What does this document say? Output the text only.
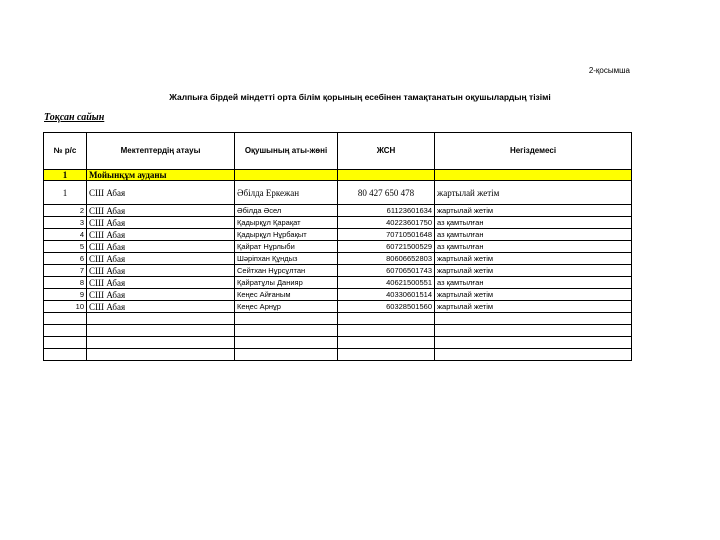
2-қосымша
Жалпыға бірдей міндетті орта білім қорының есебінен тамақтанатын оқушылардың тізімі
Тоқсан сайын
№ р/с	Мектептердің атауы	Оқушының аты-жөні	ЖСН	Негіздемесі
1	Мойынқұм ауданы			
1	СШ Абая	Әбілда Еркежан	80 427 650 478	жартылай жетім
2	СШ Абая	Әбілда Әсел	61123601634	жартылай жетім
3	СШ Абая	Қадырқұл Қарақат	40223601750	аз қамтылған
4	СШ Абая	Қадырқұл Нұрбақыт	70710501648	аз қамтылған
5	СШ Абая	Қайрат Нұрлыби	60721500529	аз қамтылған
6	СШ Абая	Шәріпхан Құндыз	80606652803	жартылай жетім
7	СШ Абая	Сейтхан Нұрсұлтан	60706501743	жартылай жетім
8	СШ Абая	Қайратұлы Данияр	40621500551	аз қамтылған
9	СШ Абая	Кеңес Айғаным	40330601514	жартылай жетім
10	СШ Абая	Кеңес Арнұр	60328501560	жартылай жетім
